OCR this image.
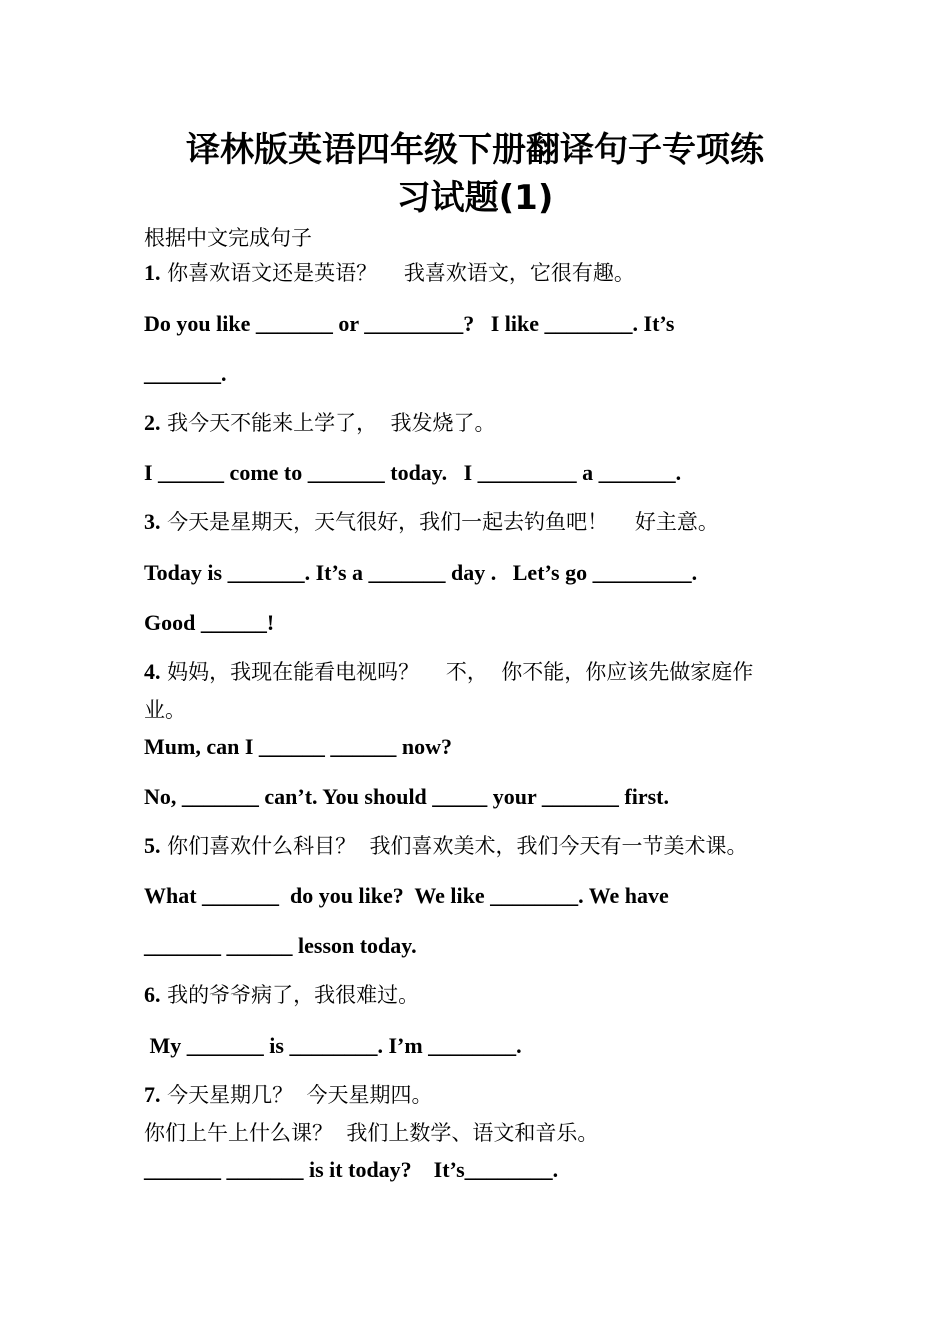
译林版英语四年级下册翻译句子专项练
习试题(1)

根据中文完成句子

1. 你喜欢语文还是英语？    我喜欢语文，它很有趣。

Do you like _______ or _________?   I like ________. It’s

_______.

2. 我今天不能来上学了，  我发烧了。

I ______ come to _______ today.   I _________ a _______.

3. 今天是星期天，天气很好，我们一起去钓鱼吧！    好主意。

Today is _______. It’s a _______ day .   Let’s go _________.

Good ______!

4. 妈妈，我现在能看电视吗？    不，  你不能，你应该先做家庭作

业。

Mum, can I ______ ______ now?

No, _______ can’t. You should _____ your _______ first.

5. 你们喜欢什么科目？  我们喜欢美术，我们今天有一节美术课。

What _______  do you like?  We like ________. We have

_______ ______ lesson today.

6. 我的爷爷病了，我很难过。

My _______ is ________. I’m ________.

7. 今天星期几？  今天星期四。

你们上午上什么课？  我们上数学、语文和音乐。

_______ _______ is it today?    It’s________.
